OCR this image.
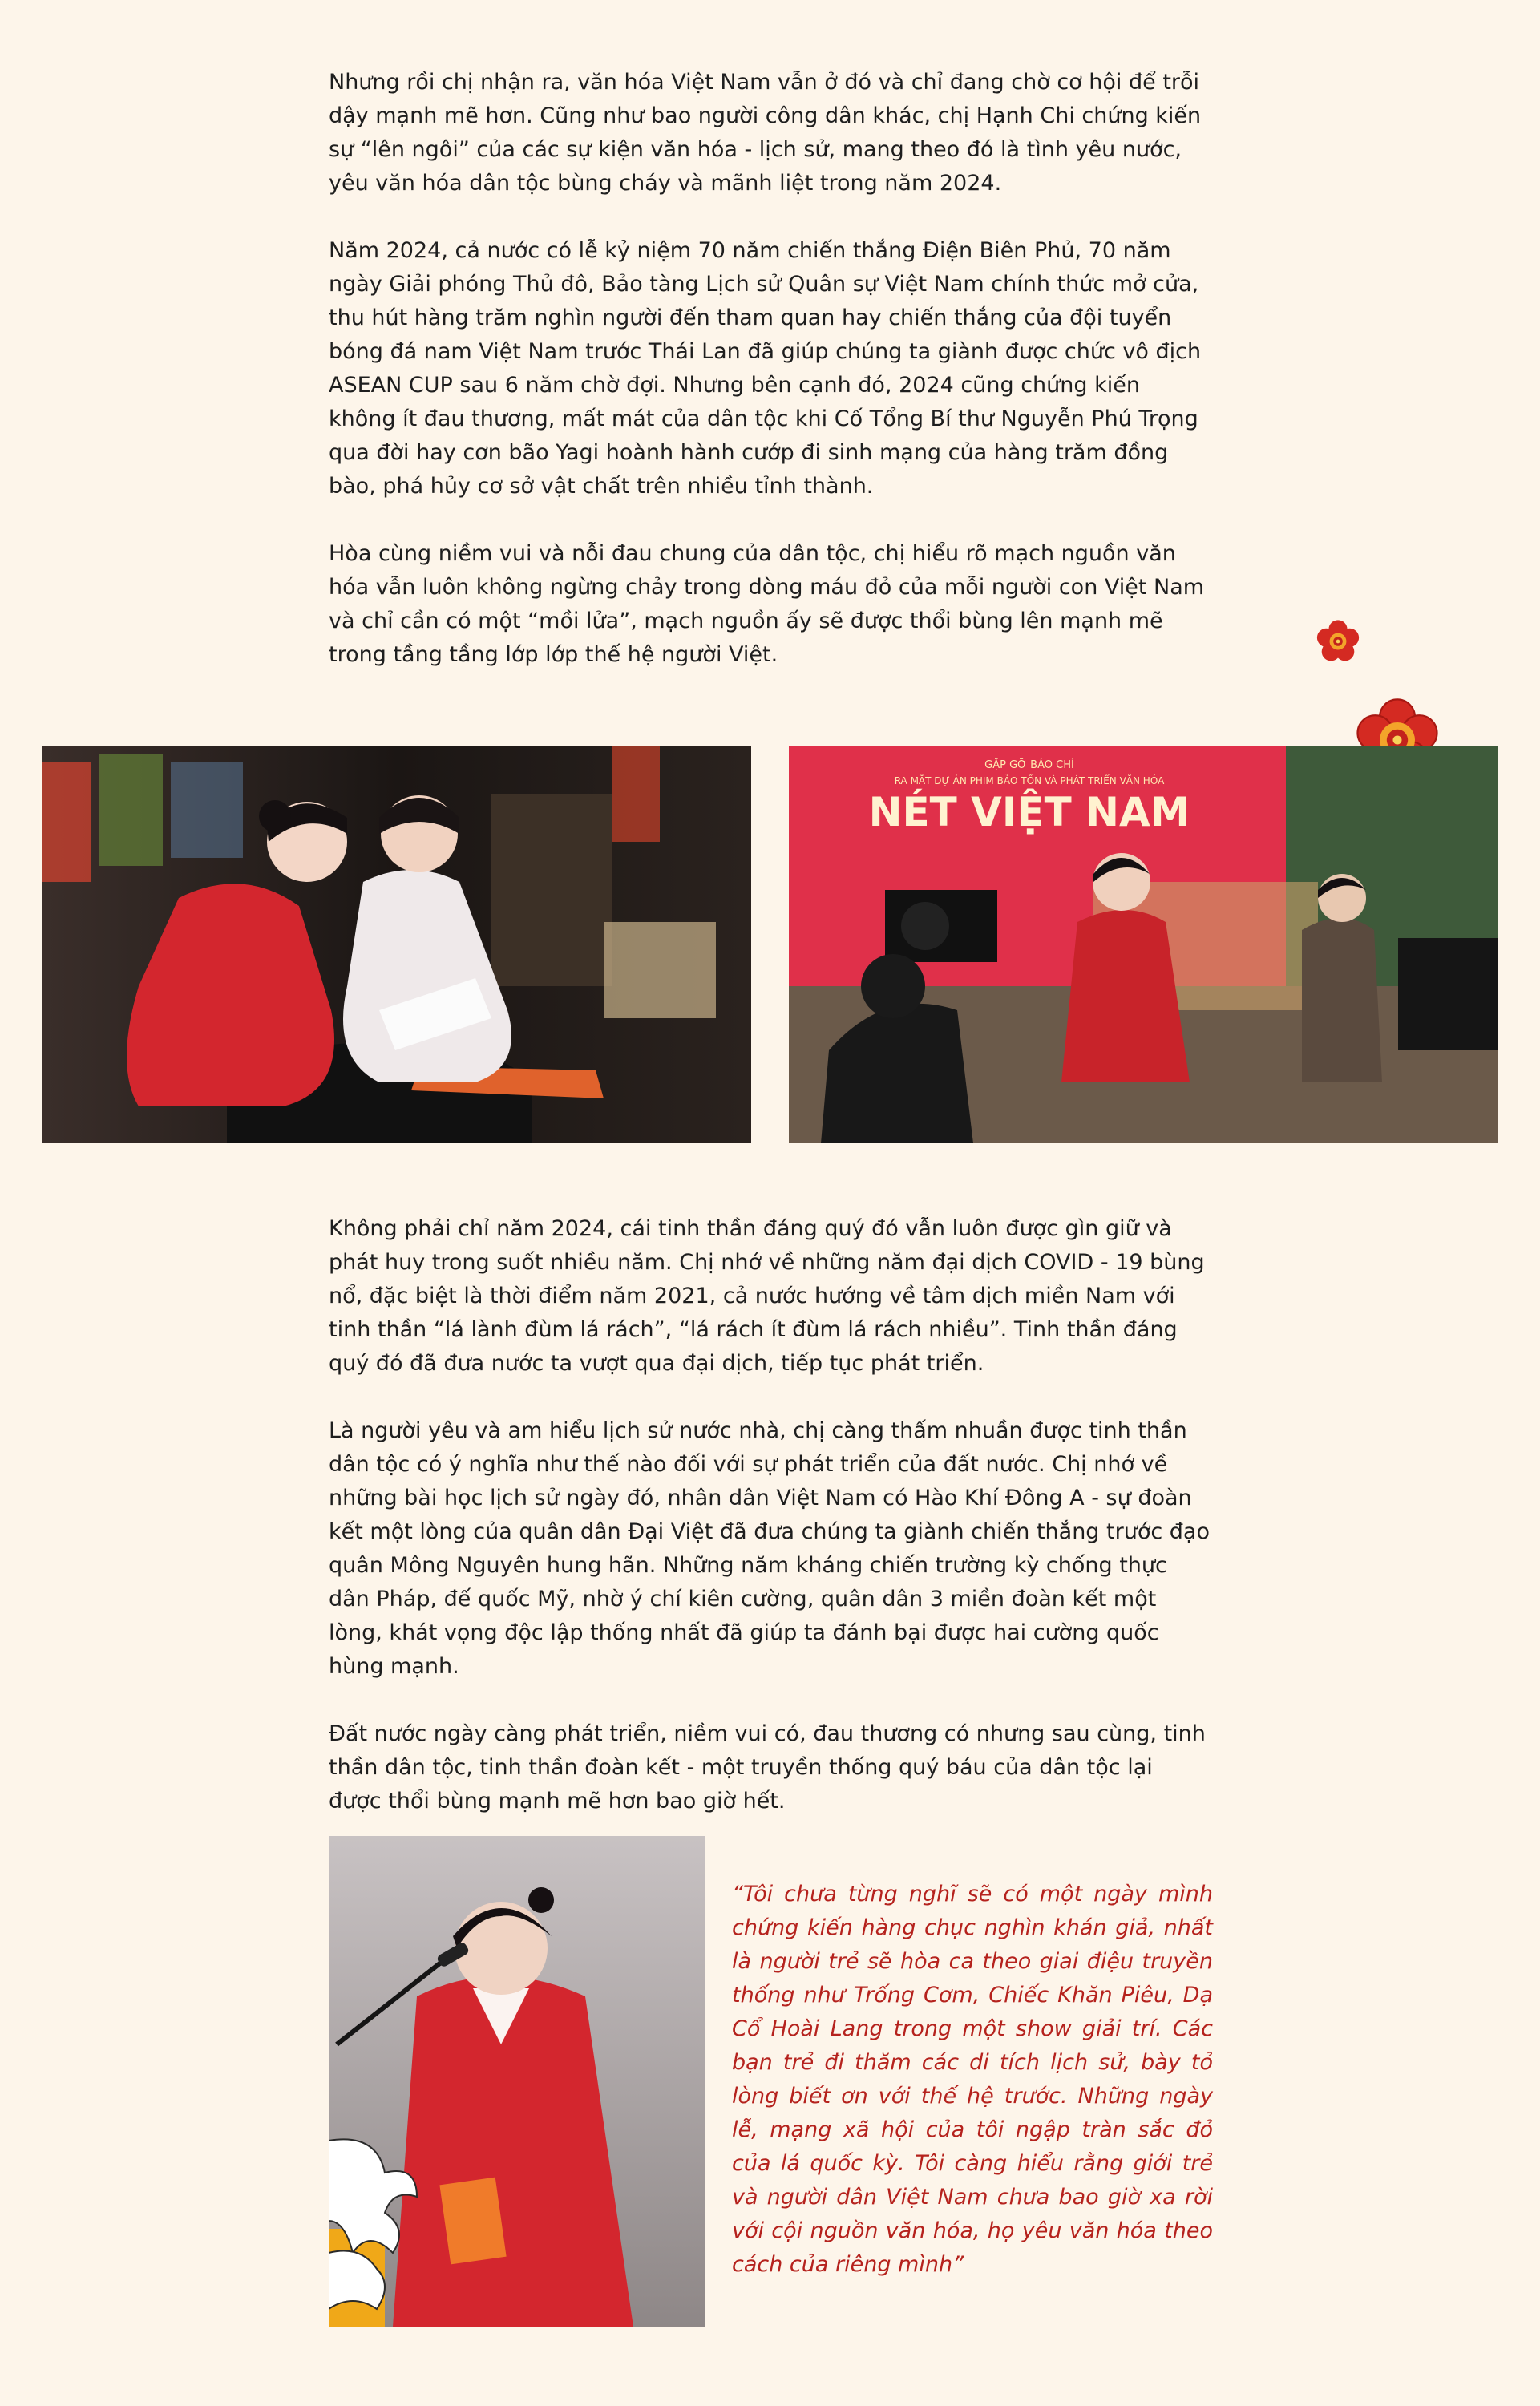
Nhưng rồi chị nhận ra, văn hóa Việt Nam vẫn ở đó và chỉ đang chờ cơ hội để trỗi dậy mạnh mẽ hơn. Cũng như bao người công dân khác, chị Hạnh Chi chứng kiến sự “lên ngôi” của các sự kiện văn hóa - lịch sử, mang theo đó là tình yêu nước, yêu văn hóa dân tộc bùng cháy và mãnh liệt trong năm 2024.

Năm 2024, cả nước có lễ kỷ niệm 70 năm chiến thắng Điện Biên Phủ, 70 năm ngày Giải phóng Thủ đô, Bảo tàng Lịch sử Quân sự Việt Nam chính thức mở cửa, thu hút hàng trăm nghìn người đến tham quan hay chiến thắng của đội tuyển bóng đá nam Việt Nam trước Thái Lan đã giúp chúng ta giành được chức vô địch ASEAN CUP sau 6 năm chờ đợi. Nhưng bên cạnh đó, 2024 cũng chứng kiến không ít đau thương, mất mát của dân tộc khi Cố Tổng Bí thư Nguyễn Phú Trọng qua đời hay cơn bão Yagi hoành hành cướp đi sinh mạng của hàng trăm đồng bào, phá hủy cơ sở vật chất trên nhiều tỉnh thành.

Hòa cùng niềm vui và nỗi đau chung của dân tộc, chị hiểu rõ mạch nguồn văn hóa vẫn luôn không ngừng chảy trong dòng máu đỏ của mỗi người con Việt Nam và chỉ cần có một “mồi lửa”, mạch nguồn ấy sẽ được thổi bùng lên mạnh mẽ trong tầng tầng lớp lớp thế hệ người Việt.

GẶP GỠ BÁO CHÍ
RA MẮT DỰ ÁN PHIM BẢO TỒN VÀ PHÁT TRIỂN VĂN HÓA
NÉT VIỆT NAM

Không phải chỉ năm 2024, cái tinh thần đáng quý đó vẫn luôn được gìn giữ và phát huy trong suốt nhiều năm. Chị nhớ về những năm đại dịch COVID - 19 bùng nổ, đặc biệt là thời điểm năm 2021, cả nước hướng về tâm dịch miền Nam với tinh thần “lá lành đùm lá rách”, “lá rách ít đùm lá rách nhiều”. Tinh thần đáng quý đó đã đưa nước ta vượt qua đại dịch, tiếp tục phát triển.

Là người yêu và am hiểu lịch sử nước nhà, chị càng thấm nhuần được tinh thần dân tộc có ý nghĩa như thế nào đối với sự phát triển của đất nước. Chị nhớ về những bài học lịch sử ngày đó, nhân dân Việt Nam có Hào Khí Đông A - sự đoàn kết một lòng của quân dân Đại Việt đã đưa chúng ta giành chiến thắng trước đạo quân Mông Nguyên hung hãn. Những năm kháng chiến trường kỳ chống thực dân Pháp, đế quốc Mỹ, nhờ ý chí kiên cường, quân dân 3 miền đoàn kết một lòng, khát vọng độc lập thống nhất đã giúp ta đánh bại được hai cường quốc hùng mạnh.

Đất nước ngày càng phát triển, niềm vui có, đau thương có nhưng sau cùng, tinh thần dân tộc, tinh thần đoàn kết - một truyền thống quý báu của dân tộc lại được thổi bùng mạnh mẽ hơn bao giờ hết.

“Tôi chưa từng nghĩ sẽ có một ngày mình chứng kiến hàng chục nghìn khán giả, nhất là người trẻ sẽ hòa ca theo giai điệu truyền thống như Trống Cơm, Chiếc Khăn Piêu, Dạ Cổ Hoài Lang trong một show giải trí. Các bạn trẻ đi thăm các di tích lịch sử, bày tỏ lòng biết ơn với thế hệ trước. Những ngày lễ, mạng xã hội của tôi ngập tràn sắc đỏ của lá quốc kỳ. Tôi càng hiểu rằng giới trẻ và người dân Việt Nam chưa bao giờ xa rời với cội nguồn văn hóa, họ yêu văn hóa theo cách của riêng mình”
